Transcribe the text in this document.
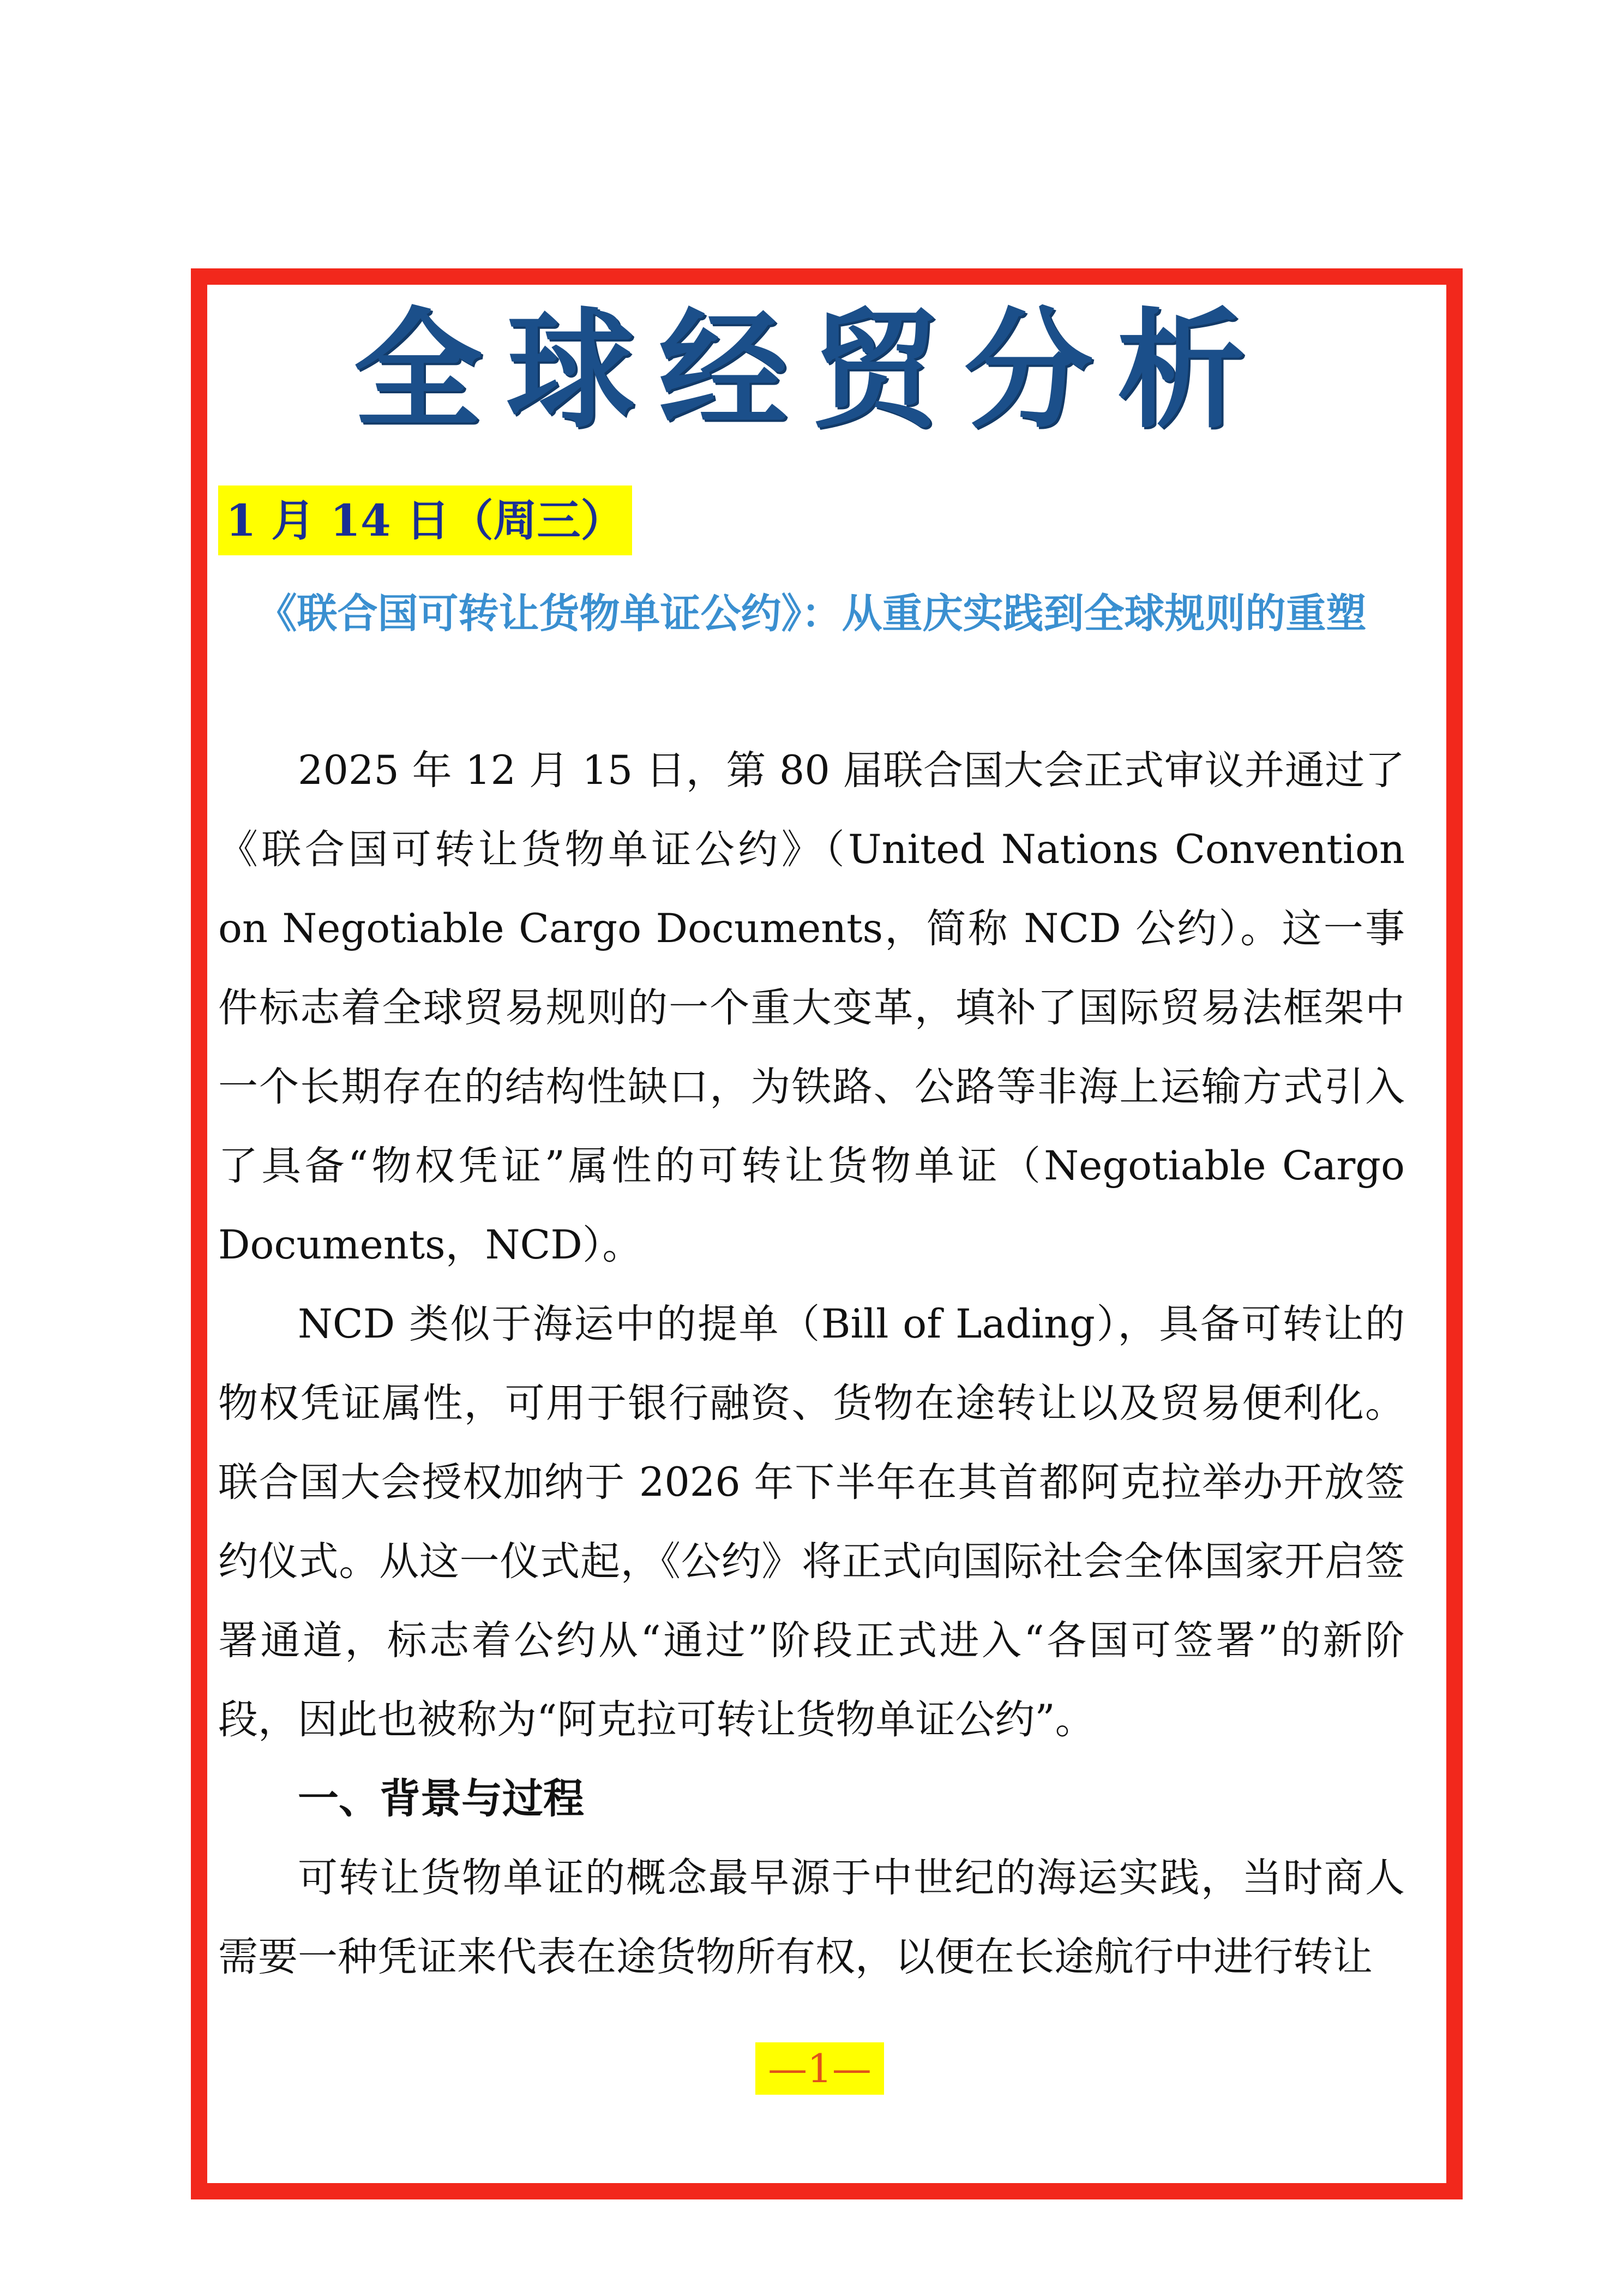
全球经贸分析
1 月 14 日（周三）
《联合国可转让货物单证公约》：从重庆实践到全球规则的重塑

2025 年 12 月 15 日，第 80 届联合国大会正式审议并通过了《联合国可转让货物单证公约》（United Nations Convention on Negotiable Cargo Documents，简称 NCD 公约）。这一事件标志着全球贸易规则的一个重大变革，填补了国际贸易法框架中一个长期存在的结构性缺口，为铁路、公路等非海上运输方式引入了具备“物权凭证”属性的可转让货物单证（Negotiable Cargo Documents，NCD）。

NCD 类似于海运中的提单（Bill of Lading），具备可转让的物权凭证属性，可用于银行融资、货物在途转让以及贸易便利化。联合国大会授权加纳于 2026 年下半年在其首都阿克拉举办开放签约仪式。从这一仪式起，《公约》将正式向国际社会全体国家开启签署通道，标志着公约从“通过”阶段正式进入“各国可签署”的新阶段，因此也被称为“阿克拉可转让货物单证公约”。

一、背景与过程

可转让货物单证的概念最早源于中世纪的海运实践，当时商人需要一种凭证来代表在途货物所有权，以便在长途航行中进行转让

—1—
